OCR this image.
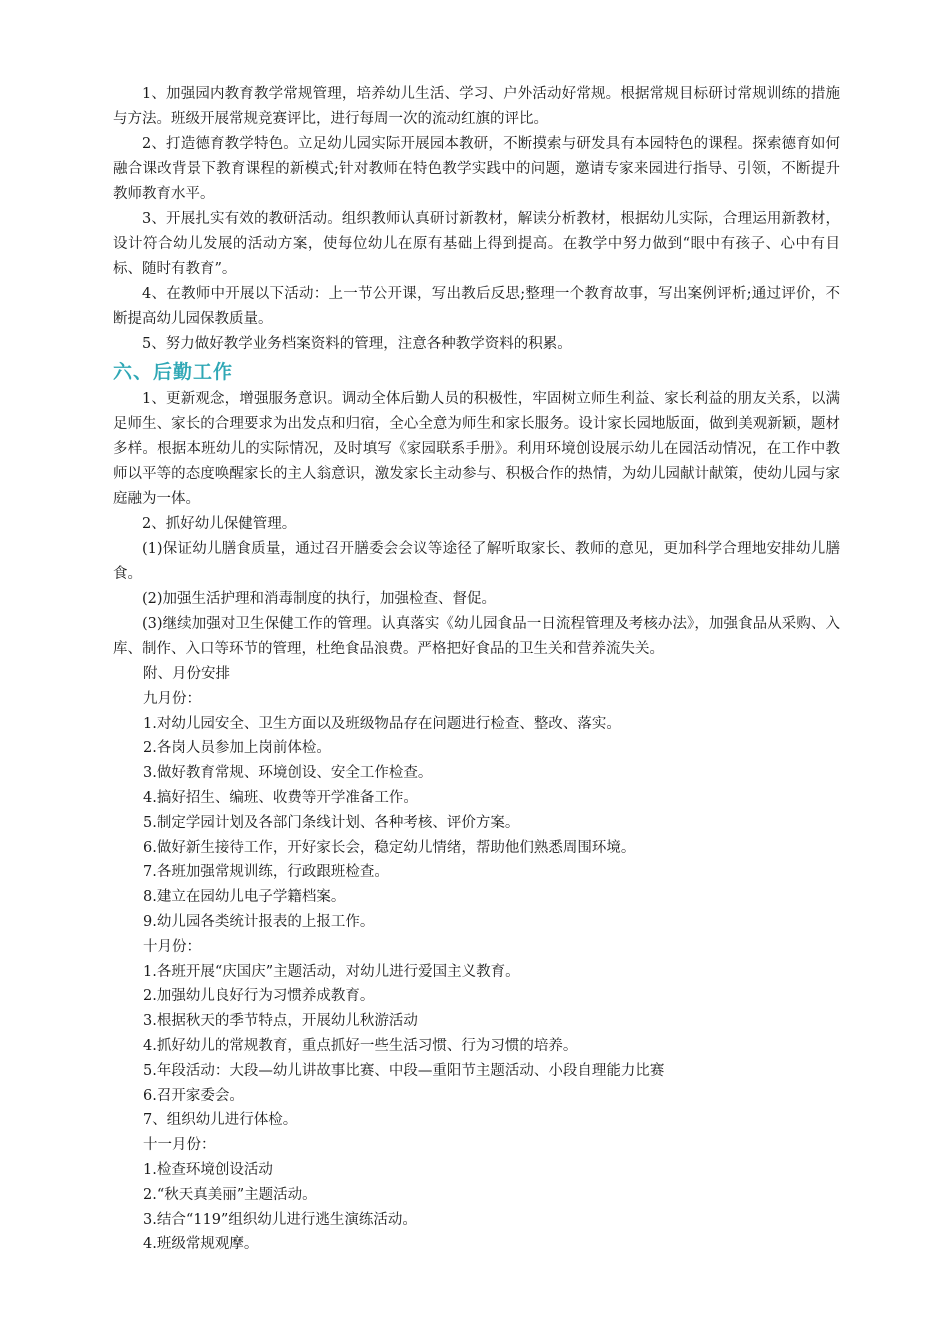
1、加强园内教育教学常规管理，培养幼儿生活、学习、户外活动好常规。根据常规目标研讨常规训练的措施与方法。班级开展常规竞赛评比，进行每周一次的流动红旗的评比。

2、打造德育教学特色。立足幼儿园实际开展园本教研，不断摸索与研发具有本园特色的课程。探索德育如何融合课改背景下教育课程的新模式;针对教师在特色教学实践中的问题，邀请专家来园进行指导、引领，不断提升教师教育水平。

3、开展扎实有效的教研活动。组织教师认真研讨新教材，解读分析教材，根据幼儿实际，合理运用新教材，设计符合幼儿发展的活动方案，使每位幼儿在原有基础上得到提高。在教学中努力做到“眼中有孩子、心中有目标、随时有教育”。

4、在教师中开展以下活动：上一节公开课，写出教后反思;整理一个教育故事，写出案例评析;通过评价，不断提高幼儿园保教质量。

5、努力做好教学业务档案资料的管理，注意各种教学资料的积累。

六、后勤工作

1、更新观念，增强服务意识。调动全体后勤人员的积极性，牢固树立师生利益、家长利益的朋友关系，以满足师生、家长的合理要求为出发点和归宿，全心全意为师生和家长服务。设计家长园地版面，做到美观新颖，题材多样。根据本班幼儿的实际情况，及时填写《家园联系手册》。利用环境创设展示幼儿在园活动情况，在工作中教师以平等的态度唤醒家长的主人翁意识，激发家长主动参与、积极合作的热情，为幼儿园献计献策，使幼儿园与家庭融为一体。

2、抓好幼儿保健管理。

(1)保证幼儿膳食质量，通过召开膳委会会议等途径了解听取家长、教师的意见，更加科学合理地安排幼儿膳食。

(2)加强生活护理和消毒制度的执行，加强检查、督促。

(3)继续加强对卫生保健工作的管理。认真落实《幼儿园食品一日流程管理及考核办法》，加强食品从采购、入库、制作、入口等环节的管理，杜绝食品浪费。严格把好食品的卫生关和营养流失关。

附、月份安排

九月份：

1.对幼儿园安全、卫生方面以及班级物品存在问题进行检查、整改、落实。

2.各岗人员参加上岗前体检。

3.做好教育常规、环境创设、安全工作检查。

4.搞好招生、编班、收费等开学准备工作。

5.制定学园计划及各部门条线计划、各种考核、评价方案。

6.做好新生接待工作，开好家长会，稳定幼儿情绪，帮助他们熟悉周围环境。

7.各班加强常规训练，行政跟班检查。

8.建立在园幼儿电子学籍档案。

9.幼儿园各类统计报表的上报工作。

十月份：

1.各班开展“庆国庆”主题活动，对幼儿进行爱国主义教育。

2.加强幼儿良好行为习惯养成教育。

3.根据秋天的季节特点，开展幼儿秋游活动

4.抓好幼儿的常规教育，重点抓好一些生活习惯、行为习惯的培养。

5.年段活动：大段—幼儿讲故事比赛、中段—重阳节主题活动、小段自理能力比赛

6.召开家委会。

7、组织幼儿进行体检。

十一月份：

1.检查环境创设活动

2.“秋天真美丽”主题活动。

3.结合“119”组织幼儿进行逃生演练活动。

4.班级常规观摩。
